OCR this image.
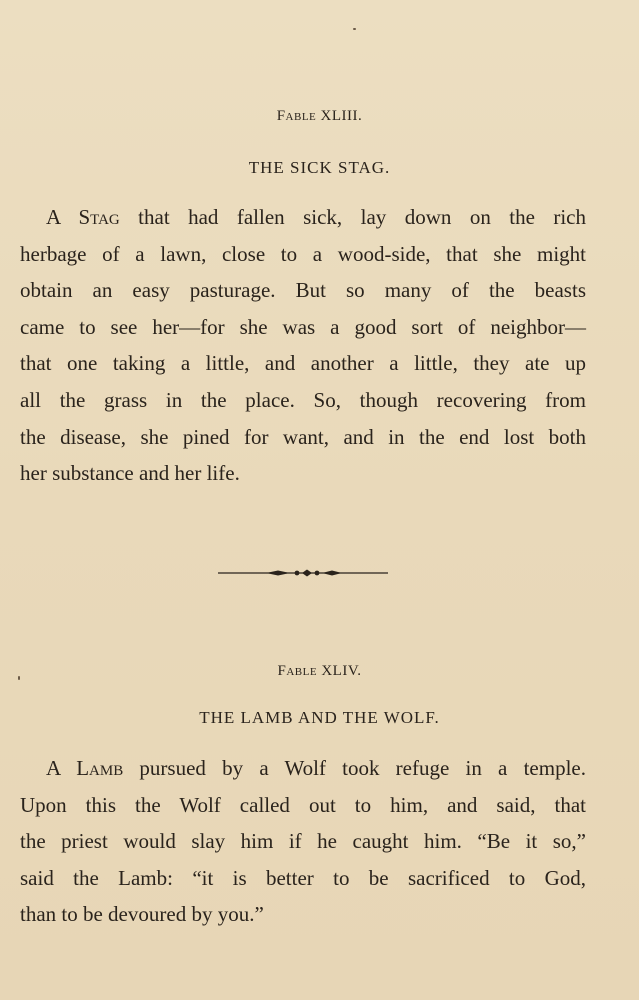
Fable XLIII.
THE SICK STAG.
A Stag that had fallen sick, lay down on the rich
herbage of a lawn, close to a wood-side, that she might
obtain an easy pasturage. But so many of the beasts
came to see her—for she was a good sort of neighbor—
that one taking a little, and another a little, they ate up
all the grass in the place. So, though recovering from
the disease, she pined for want, and in the end lost both
her substance and her life.
Fable XLIV.
THE LAMB AND THE WOLF.
A Lamb pursued by a Wolf took refuge in a temple.
Upon this the Wolf called out to him, and said, that
the priest would slay him if he caught him. “Be it so,”
said the Lamb: “it is better to be sacrificed to God,
than to be devoured by you.”
